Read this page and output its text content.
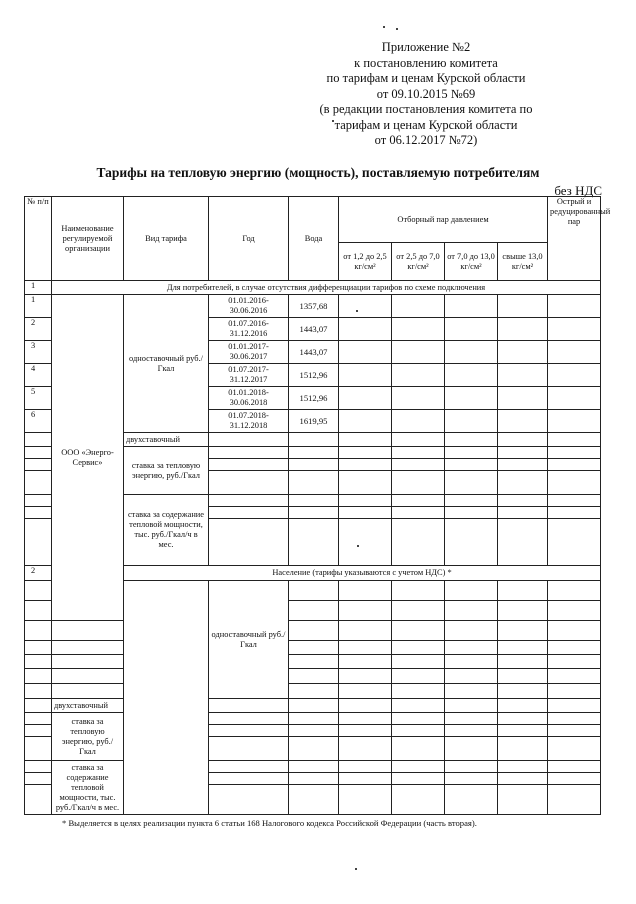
Приложение №2
к постановлению комитета
по тарифам и ценам Курской области
от 09.10.2015 №69
(в редакции постановления комитета по
тарифам и ценам Курской области
от 06.12.2017 №72)
Тарифы на тепловую энергию (мощность), поставляемую потребителям
без НДС
№ п/п	Наименование регулируемой организации	Вид тарифа	Год	Вода	Отборный пар давлением				Острый и редуцированный пар	
					от 1,2 до 2,5 кг/см²	от 2,5 до 7,0 кг/см²	от 7,0 до 13,0 кг/см²	свыше 13,0 кг/см²		
1	Для потребителей, в случае отсутствия дифференциации тарифов по схеме подключения									
1	ООО «Энерго-Сервис»	одноставочный руб./Гкал	01.01.2016-30.06.2016	1357,68						
2			01.07.2016-31.12.2016	1443,07						
3			01.01.2017-30.06.2017	1443,07						
4			01.07.2017-31.12.2017	1512,96						
5			01.01.2018-30.06.2018	1512,96						
6			01.07.2018-31.12.2018	1619,95						
		двухставочный								
		ставка за тепловую энергию, руб./Гкал								

		ставка за содержание тепловой мощности, тыс. руб./Гкал/ч в мес.								

2		Население (тарифы указываются с учетом НДС) *								
			одноставочный руб./Гкал							

	двухставочный									
	ставка за тепловую энергию, руб./Гкал									

	ставка за содержание тепловой мощности, тыс. руб./Гкал/ч в мес.									

* Выделяется в целях реализации пункта 6 статьи 168 Налогового кодекса Российской Федерации (часть вторая).
